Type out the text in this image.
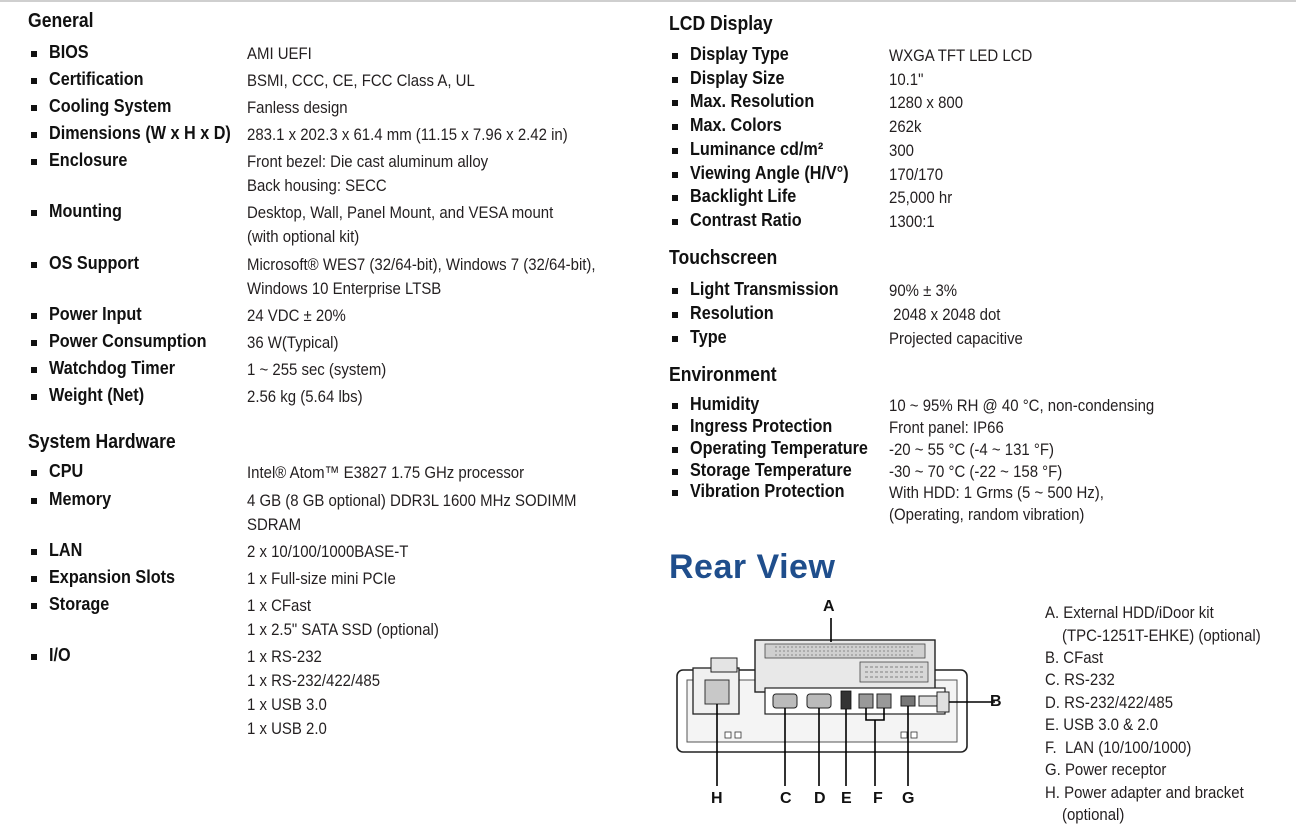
General
BIOS	AMI UEFI
Certification	BSMI, CCC, CE, FCC Class A, UL
Cooling System	Fanless design
Dimensions (W x H x D) 283.1 x 202.3 x 61.4 mm (11.15 x 7.96 x 2.42 in)
Enclosure	Front bezel: Die cast aluminum alloy
Back housing: SECC
Mounting	Desktop, Wall, Panel Mount, and VESA mount
(with optional kit)
OS Support	Microsoft® WES7 (32/64-bit), Windows 7 (32/64-bit),
Windows 10 Enterprise LTSB
Power Input	24 VDC ± 20%
Power Consumption 36 W(Typical)
Watchdog Timer	1 ~ 255 sec (system)
Weight (Net)	2.56 kg (5.64 lbs)
System Hardware
CPU	Intel® Atom™ E3827 1.75 GHz processor
Memory	4 GB (8 GB optional) DDR3L 1600 MHz SODIMM
SDRAM
LAN	2 x 10/100/1000BASE-T
Expansion Slots	1 x Full-size mini PCIe
Storage	1 x CFast
1 x 2.5" SATA SSD (optional)
I/O	1 x RS-232
1 x RS-232/422/485
1 x USB 3.0
1 x USB 2.0
LCD Display
Display Type	WXGA TFT LED LCD
Display Size	10.1"
Max. Resolution	1280 x 800
Max. Colors	262k
Luminance cd/m²	300
Viewing Angle (H/V°) 170/170
Backlight Life	25,000 hr
Contrast Ratio	1300:1
Touchscreen
Light Transmission	90% ± 3%
Resolution	2048 x 2048 dot
Type	Projected capacitive
Environment
Humidity	10 ~ 95% RH @ 40 °C, non-condensing
Ingress Protection	Front panel: IP66
Operating Temperature -20 ~ 55 °C (-4 ~ 131 °F)
Storage Temperature -30 ~ 70 °C (-22 ~ 158 °F)
Vibration Protection	With HDD: 1 Grms (5 ~ 500 Hz),
(Operating, random vibration)
Rear View
A
B
C D E F G
H
A. External HDD/iDoor kit
(TPC-1251T-EHKE) (optional)
B. CFast
C. RS-232
D. RS-232/422/485
E. USB 3.0 & 2.0
F.  LAN (10/100/1000)
G. Power receptor
H. Power adapter and bracket
(optional)
